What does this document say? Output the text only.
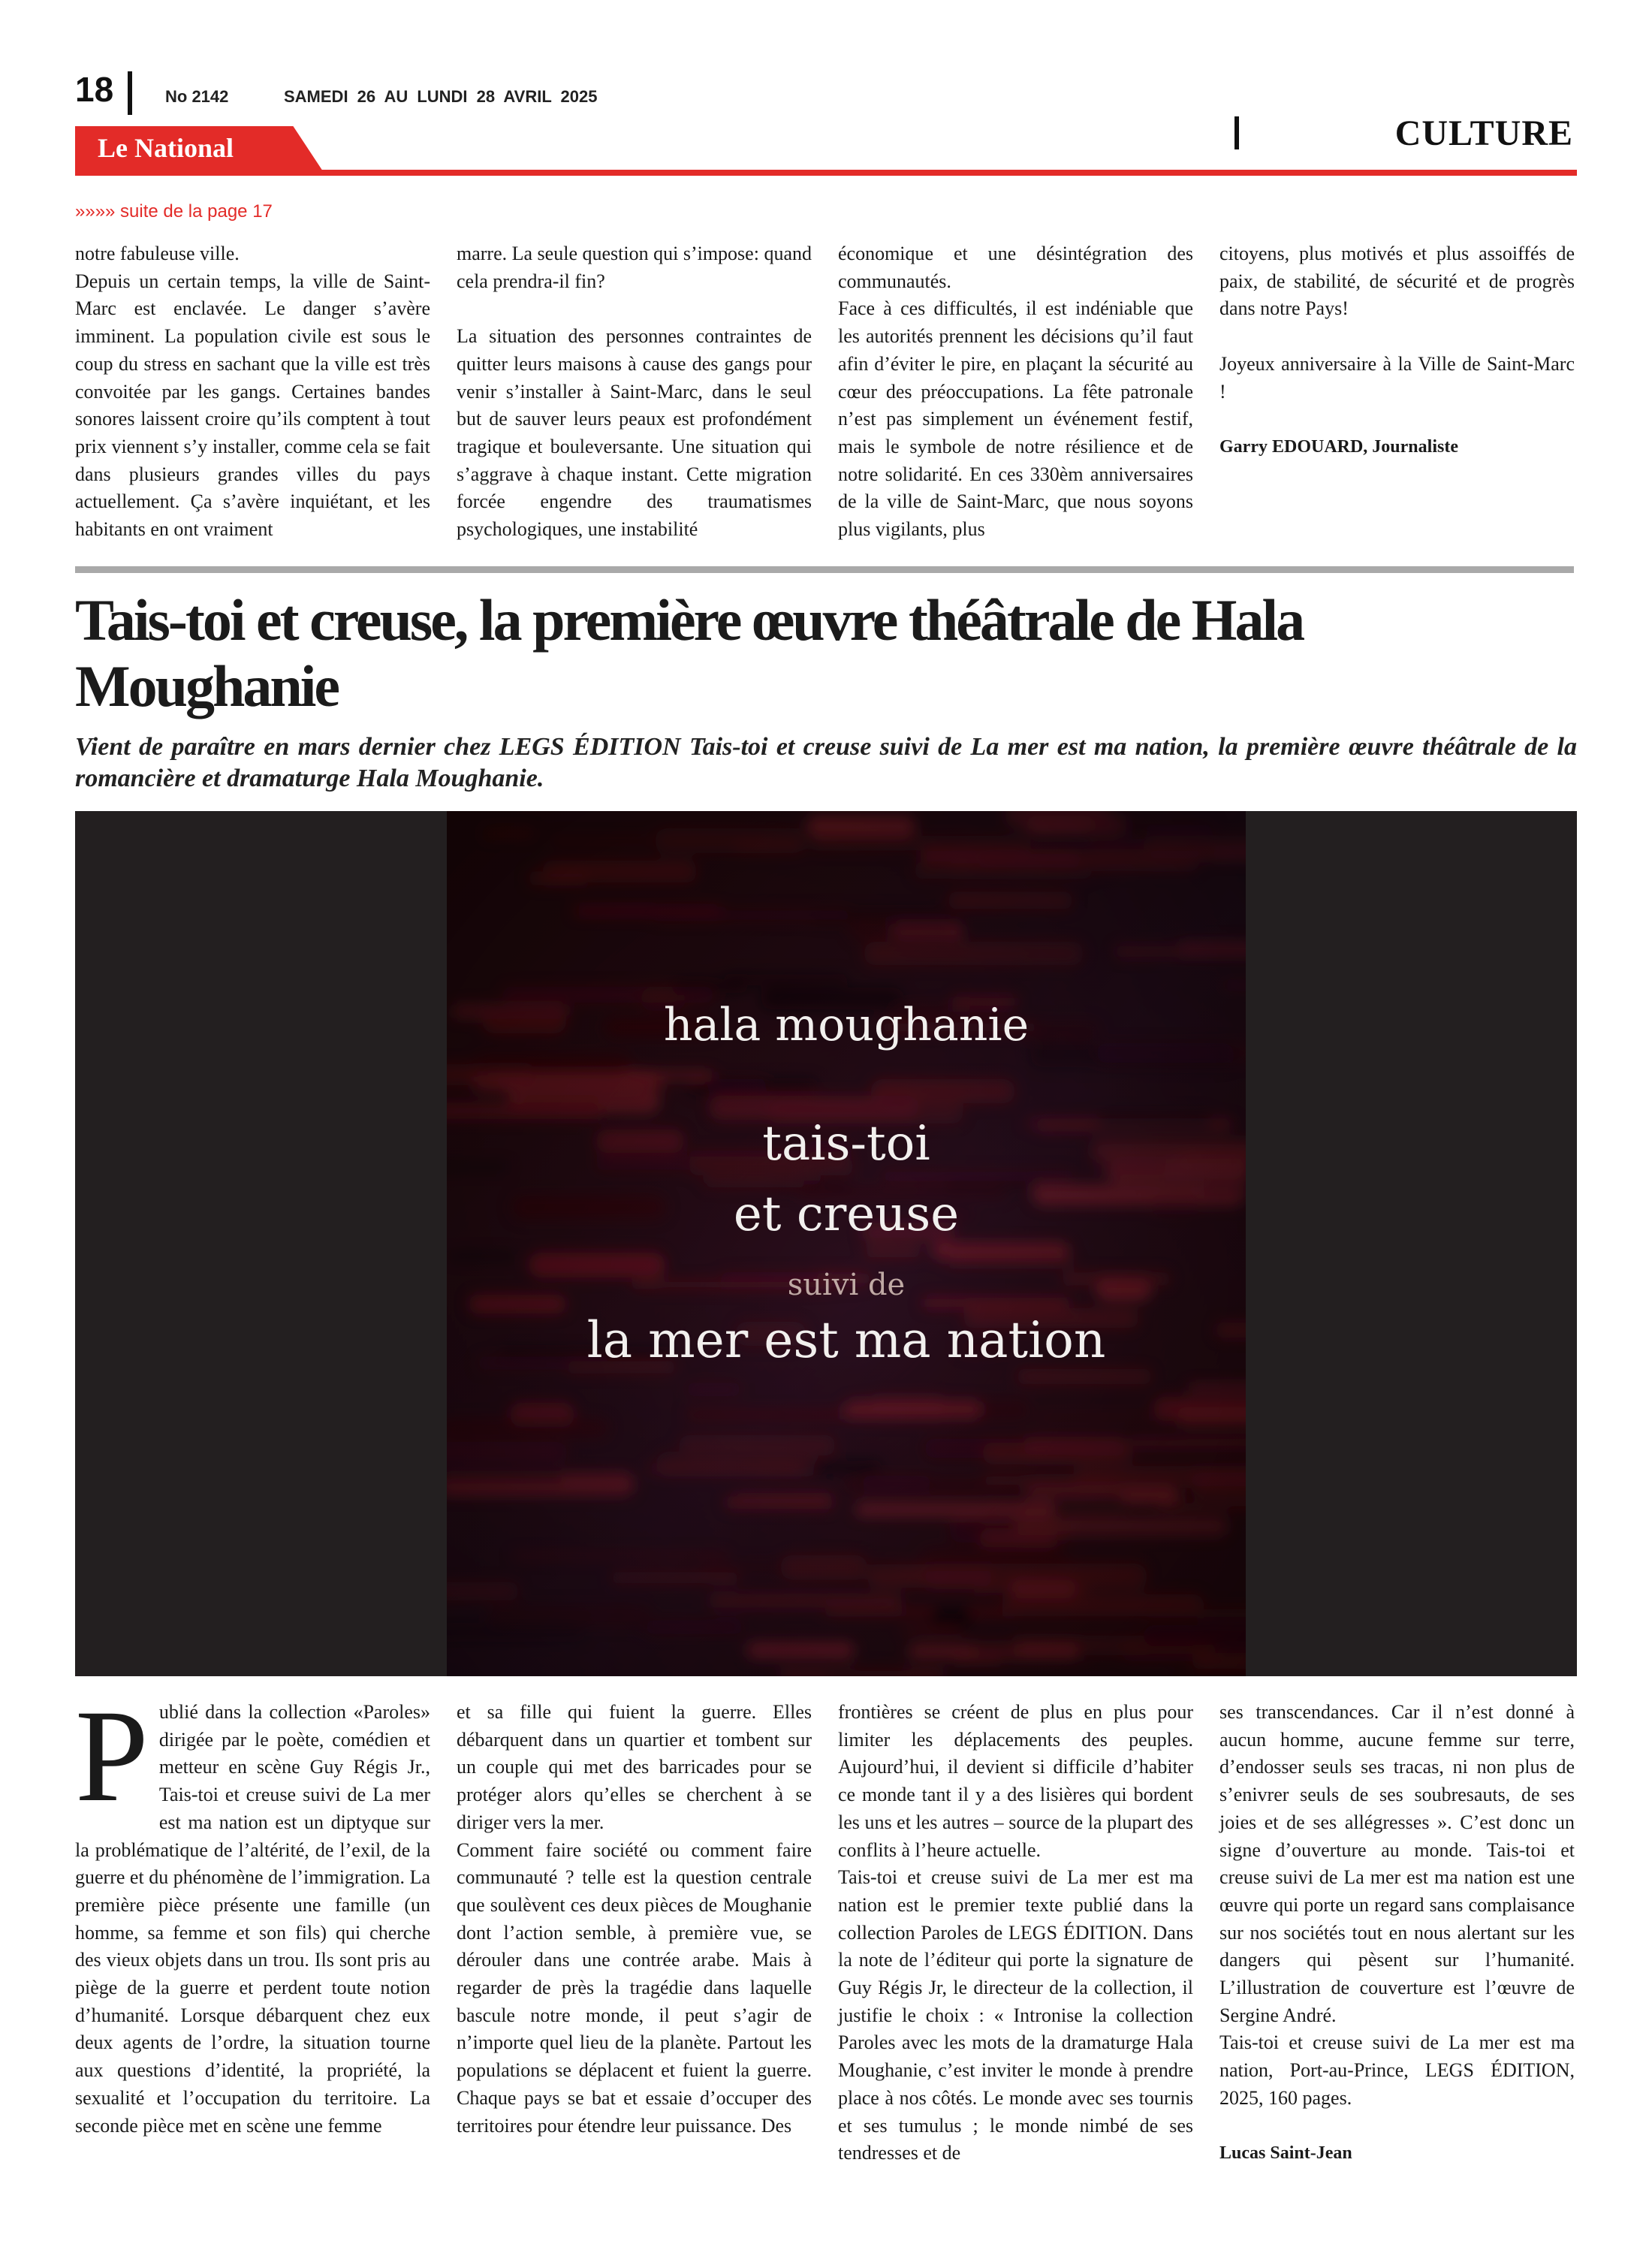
18	No 2142	SAMEDI 26 AU LUNDI 28 AVRIL 2025
CULTURE
Le National
»»»» suite de la page 17

notre fabuleuse ville.

Depuis un certain temps, la ville de Saint-Marc est enclavée. Le danger s’avère imminent. La population civile est sous le coup du stress en sachant que la ville est très convoitée par les gangs. Certaines bandes sonores laissent croire qu’ils comptent à tout prix viennent s’y installer, comme cela se fait dans plusieurs grandes villes du pays actuellement. Ça s’avère inquiétant, et les habitants en ont vraiment

marre. La seule question qui s’impose: quand cela prendra-il fin?

La situation des personnes contraintes de quitter leurs maisons à cause des gangs pour venir s’installer à Saint-Marc, dans le seul but de sauver leurs peaux est profondément tragique et bouleversante. Une situation qui s’aggrave à chaque instant. Cette migration forcée engendre des traumatismes psychologiques, une instabilité

économique et une désintégration des communautés.

Face à ces difficultés, il est indéniable que les autorités prennent les décisions qu’il faut afin d’éviter le pire, en plaçant la sécurité au cœur des préoccupations. La fête patronale n’est pas simplement un événement festif, mais le symbole de notre résilience et de notre solidarité. En ces 330èm anniversaires de la ville de Saint-Marc, que nous soyons plus vigilants, plus

citoyens, plus motivés et plus assoiffés de paix, de stabilité, de sécurité et de progrès dans notre Pays!

Joyeux anniversaire à la Ville de Saint-Marc !

Garry EDOUARD, Journaliste

Tais-toi et creuse, la première œuvre théâtrale de Hala Moughanie
Vient de paraître en mars dernier chez LEGS ÉDITION Tais-toi et creuse suivi de La mer est ma nation, la première œuvre théâtrale de la romancière et dramaturge Hala Moughanie.
hala moughanie
tais-toi
et creuse
suivi de
la mer est ma nation
P ublié dans la collection «Paroles» dirigée par le poète, comédien et metteur en scène Guy Régis Jr., Tais-toi et creuse suivi de La mer est ma nation est un diptyque sur la problématique de l’altérité, de l’exil, de la guerre et du phénomène de l’immigration. La première pièce présente une famille (un homme, sa femme et son fils) qui cherche des vieux objets dans un trou. Ils sont pris au piège de la guerre et perdent toute notion d’humanité. Lorsque débarquent chez eux deux agents de l’ordre, la situation tourne aux questions d’identité, la propriété, la sexualité et l’occupation du territoire. La seconde pièce met en scène une femme

et sa fille qui fuient la guerre. Elles débarquent dans un quartier et tombent sur un couple qui met des barricades pour se protéger alors qu’elles se cherchent à se diriger vers la mer.

Comment faire société ou comment faire communauté ? telle est la question centrale que soulèvent ces deux pièces de Moughanie dont l’action semble, à première vue, se dérouler dans une contrée arabe. Mais à regarder de près la tragédie dans laquelle bascule notre monde, il peut s’agir de n’importe quel lieu de la planète. Partout les populations se déplacent et fuient la guerre. Chaque pays se bat et essaie d’occuper des territoires pour étendre leur puissance. Des

frontières se créent de plus en plus pour limiter les déplacements des peuples. Aujourd’hui, il devient si difficile d’habiter ce monde tant il y a des lisières qui bordent les uns et les autres – source de la plupart des conflits à l’heure actuelle.

Tais-toi et creuse suivi de La mer est ma nation est le premier texte publié dans la collection Paroles de LEGS ÉDITION. Dans la note de l’éditeur qui porte la signature de Guy Régis Jr, le directeur de la collection, il justifie le choix : « Intronise la collection Paroles avec les mots de la dramaturge Hala Moughanie, c’est inviter le monde à prendre place à nos côtés. Le monde avec ses tournis et ses tumulus ; le monde nimbé de ses tendresses et de

ses transcendances. Car il n’est donné à aucun homme, aucune femme sur terre, d’endosser seuls ses tracas, ni non plus de s’enivrer seuls de ses soubresauts, de ses joies et de ses allégresses ». C’est donc un signe d’ouverture au monde. Tais-toi et creuse suivi de La mer est ma nation est une œuvre qui porte un regard sans complaisance sur nos sociétés tout en nous alertant sur les dangers qui pèsent sur l’humanité. L’illustration de couverture est l’œuvre de Sergine André.

Tais-toi et creuse suivi de La mer est ma nation, Port-au-Prince, LEGS ÉDITION, 2025, 160 pages.

Lucas Saint-Jean
